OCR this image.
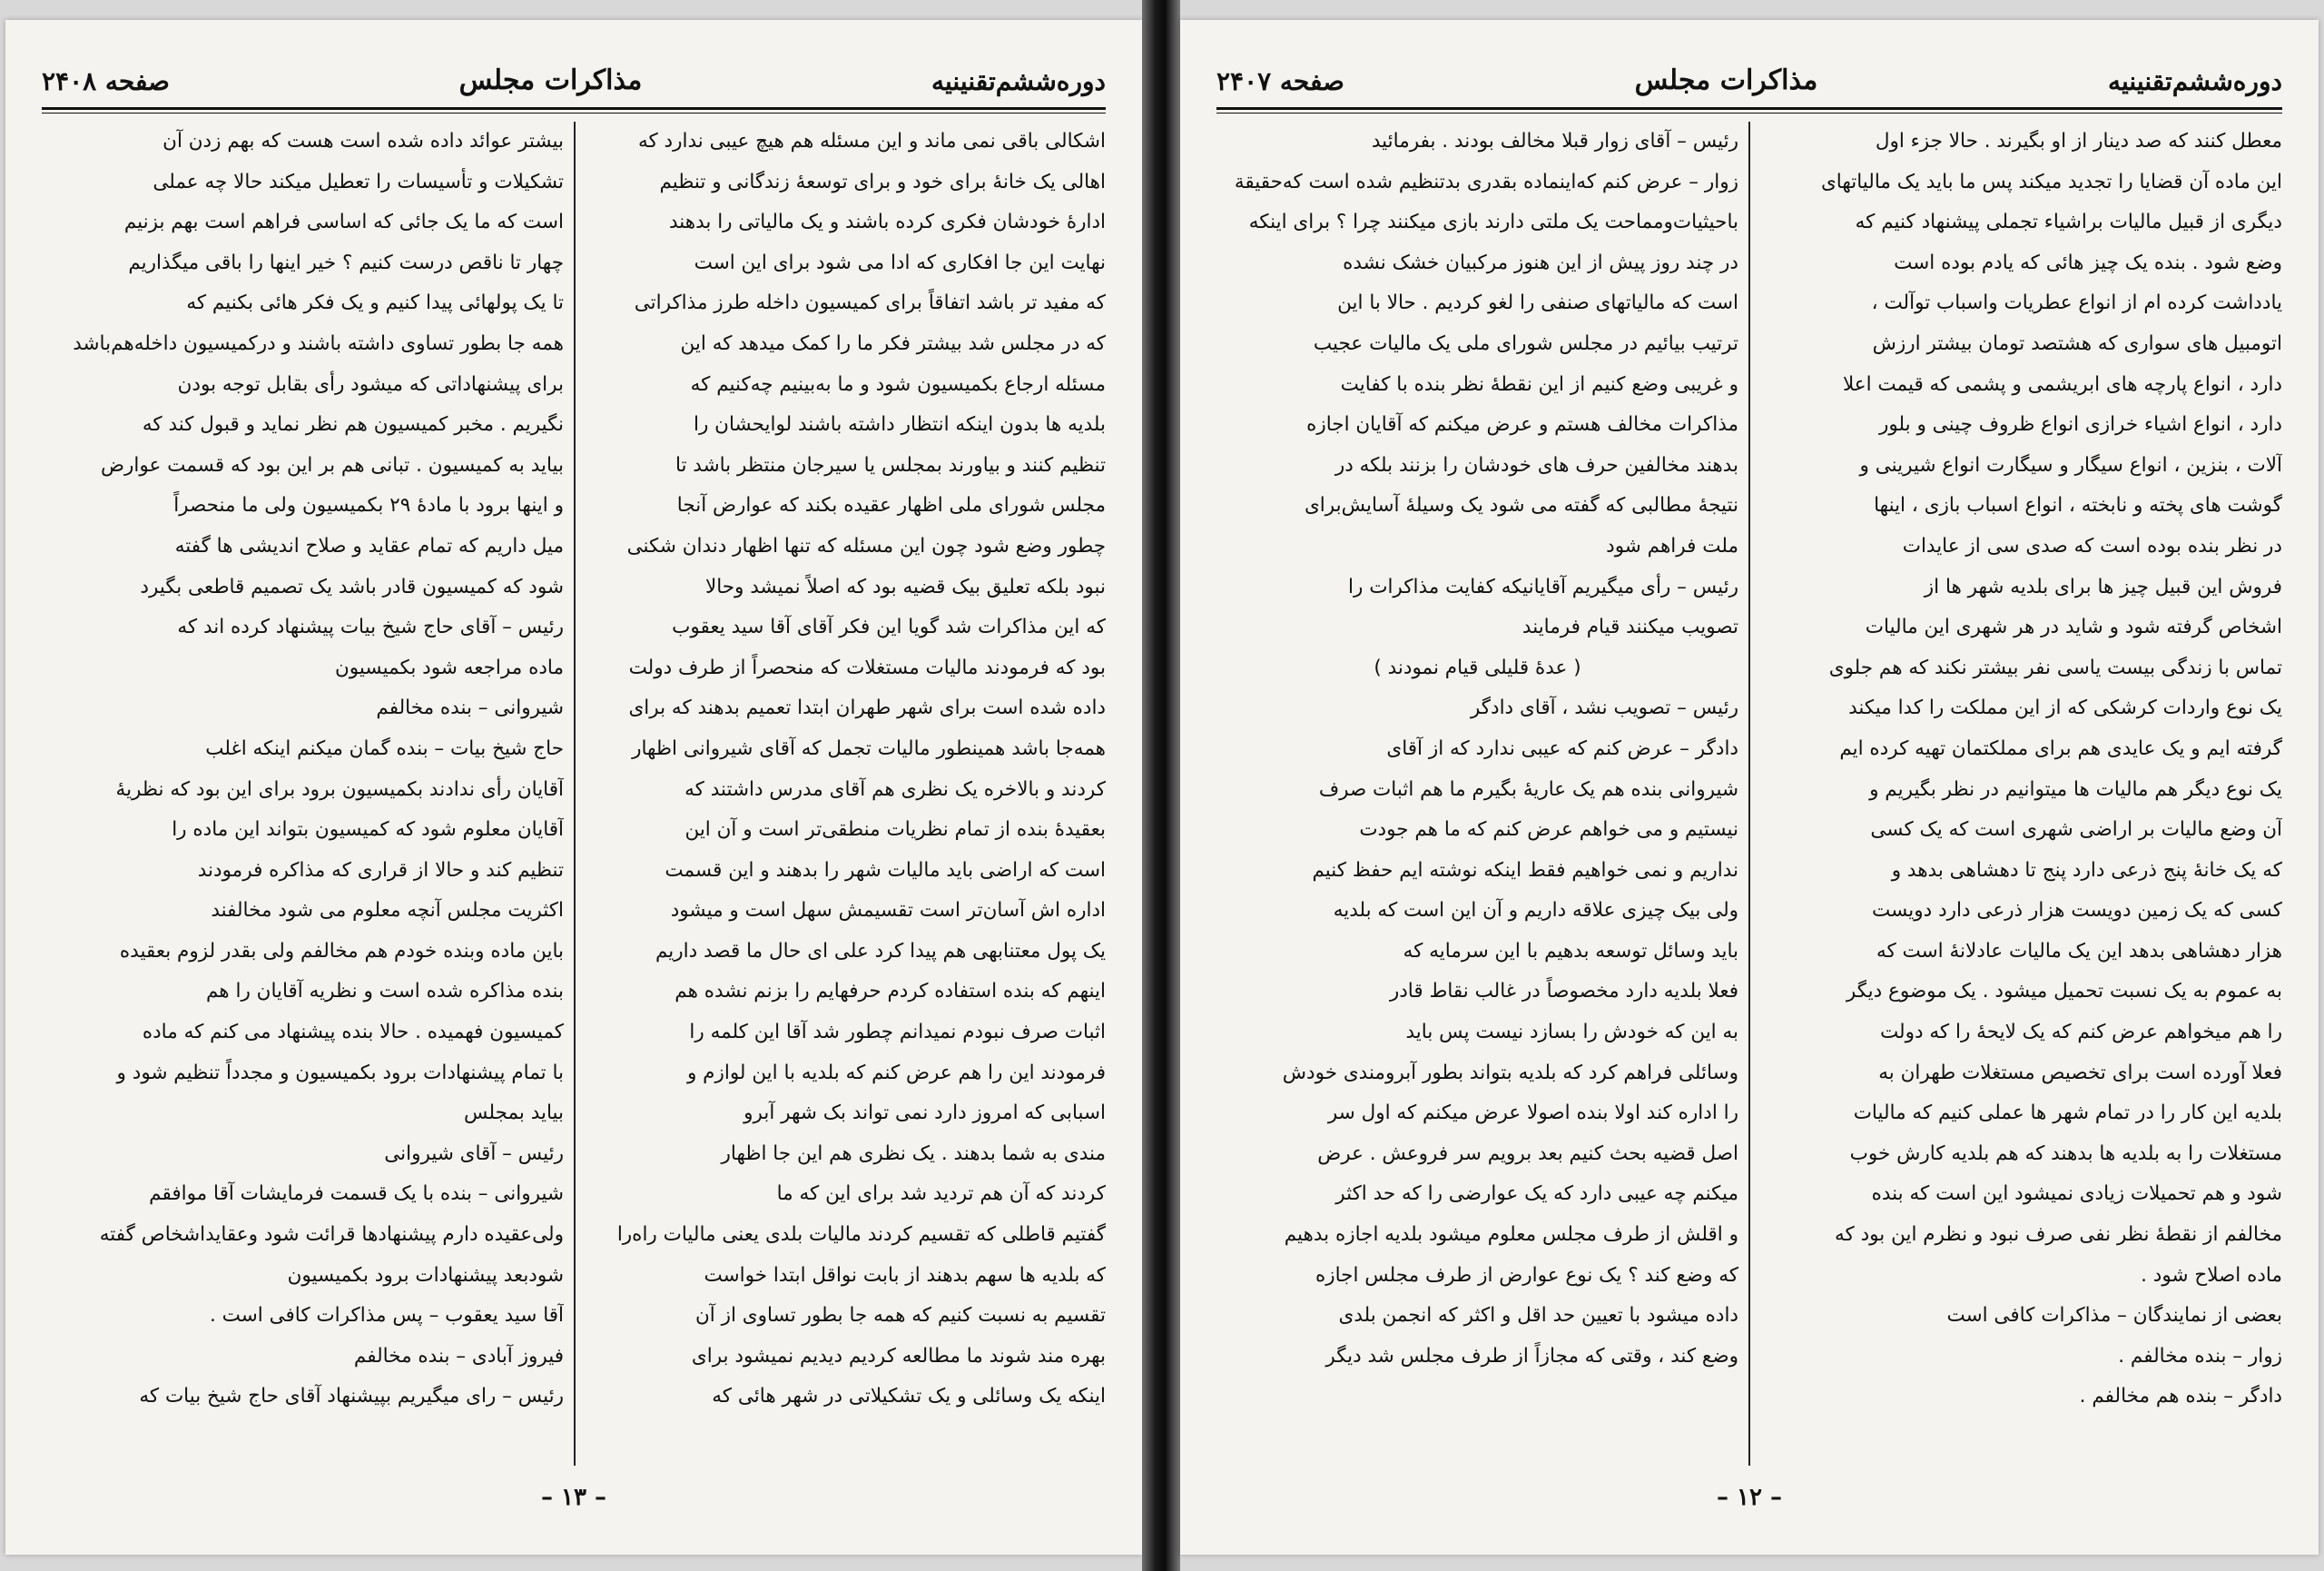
صفحه ۲۴۰۸	مذاکرات مجلس	دوره‌ششم‌تقنینیه

اشکالی باقی نمی ماند و این مسئله هم هیچ عیبی ندارد که

اهالی یک خانهٔ برای خود و برای توسعهٔ زندگانی و تنظیم

ادارهٔ خودشان فکری کرده باشند و یک مالیاتی را بدهند

نهایت این جا افکاری که ادا می شود برای این است

که مفید تر باشد اتفاقاً برای کمیسیون داخله طرز مذاکراتی

که در مجلس شد بیشتر فکر ما را کمک میدهد که این

مسئله ارجاع بکمیسیون شود و ما به‌بینیم چه‌کنیم که

بلدیه ها بدون اینکه انتظار داشته باشند لوایحشان را

تنظیم کنند و بیاورند بمجلس یا سیرجان منتظر باشد تا

مجلس شورای ملی اظهار عقیده بکند که عوارض آنجا

چطور وضع شود چون این مسئله که تنها اظهار دندان شکنی

نبود بلکه تعلیق بیک قضیه بود که اصلاً نمیشد وحالا

که این مذاکرات شد گویا این فکر آقای آقا سید یعقوب

بود که فرمودند مالیات مستغلات که منحصراً از طرف دولت

داده شده است برای شهر طهران ابتدا تعمیم بدهند که برای

همه‌جا باشد همینطور مالیات تجمل که آقای شیروانی اظهار

کردند و بالاخره یک نظری هم آقای مدرس داشتند که

بعقیدهٔ بنده از تمام نظریات منطقی‌تر است و آن این

است که اراضی باید مالیات شهر را بدهند و این قسمت

اداره اش آسان‌تر است تقسیمش سهل است و میشود

یک پول معتنابهی هم پیدا کرد علی ای حال ما قصد داریم

اینهم که بنده استفاده کردم حرفهایم را بزنم نشده هم

اثبات صرف نبودم نمیدانم چطور شد آقا این کلمه را

فرمودند این را هم عرض کنم که بلدیه با این لوازم و

اسبابی که امروز دارد نمی تواند بک شهر آبرو

مندی به شما بدهند . یک نظری هم این جا اظهار

کردند که آن هم تردید شد برای این که ما

گفتیم قاطلی که تقسیم کردند مالیات بلدی یعنی مالیات راه‌را

که بلدیه ها سهم بدهند از بابت نواقل ابتدا خواست

تقسیم به نسبت کنیم که همه جا بطور تساوی از آن

بهره مند شوند ما مطالعه کردیم دیدیم نمیشود برای

اینکه یک وسائلی و یک تشکیلاتی در شهر هائی که

بیشتر عوائد داده شده است هست که بهم زدن آن

تشکیلات و تأسیسات را تعطیل میکند حالا چه عملی

است که ما یک جائی که اساسی فراهم است بهم بزنیم

چهار تا ناقص درست کنیم ؟ خیر اینها را باقی میگذاریم

تا یک پولهائی پیدا کنیم و یک فکر هائی بکنیم که

همه جا بطور تساوی داشته باشند و درکمیسیون داخله‌هم‌باشد

برای پیشنهاداتی که میشود رأی بقابل توجه بودن

نگیریم . مخبر کمیسیون هم نظر نماید و قبول کند که

بیاید به کمیسیون . تبانی هم بر این بود که قسمت عوارض

و اینها برود با مادهٔ ۲۹ بکمیسیون ولی ما منحصراً

میل داریم که تمام عقاید و صلاح اندیشی ها گفته

شود که کمیسیون قادر باشد یک تصمیم قاطعی بگیرد

رئیس – آقای حاج شیخ بیات پیشنهاد کرده اند که

ماده مراجعه شود بکمیسیون

شیروانی – بنده مخالفم

حاج شیخ بیات – بنده گمان میکنم اینکه اغلب

آقایان رأی ندادند بکمیسیون برود برای این بود که نظریهٔ

آقایان معلوم شود که کمیسیون بتواند این ماده را

تنظیم کند و حالا از قراری که مذاکره فرمودند

اکثریت مجلس آنچه معلوم می شود مخالفند

باین ماده وبنده خودم هم مخالفم ولی بقدر لزوم بعقیده

بنده مذاکره شده است و نظریه آقایان را هم

کمیسیون فهمیده . حالا بنده پیشنهاد می کنم که ماده

با تمام پیشنهادات برود بکمیسیون و مجدداً تنظیم شود و

بیاید بمجلس

رئیس – آقای شیروانی

شیروانی – بنده با یک قسمت فرمایشات آقا موافقم

ولی‌عقیده دارم پیشنهادها قرائت شود وعقایداشخاص گفته

شودبعد پیشنهادات برود بکمیسیون

آقا سید یعقوب – پس مذاکرات کافی است .

فیروز آبادی – بنده مخالفم

رئیس – رای میگیریم بپیشنهاد آقای حاج شیخ بیات که

– ۱۳ –
صفحه ۲۴۰۷	مذاکرات مجلس	دوره‌ششم‌تقنینیه

معطل کنند که صد دینار از او بگیرند . حالا جزء اول

این ماده آن قضایا را تجدید میکند پس ما باید یک مالیاتهای

دیگری از قبیل مالیات براشیاء تجملی پیشنهاد کنیم که

وضع شود . بنده یک چیز هائی که یادم بوده است

یادداشت کرده ام از انواع عطریات واسباب توآلت ،

اتومبیل های سواری که هشتصد تومان بیشتر ارزش

دارد ، انواع پارچه های ابریشمی و پشمی که قیمت اعلا

دارد ، انواع اشیاء خرازی انواع ظروف چینی و بلور

آلات ، بنزین ، انواع سیگار و سیگارت انواع شیرینی و

گوشت های پخته و نابخته ، انواع اسباب بازی ، اینها

در نظر بنده بوده است که صدی سی از عایدات

فروش این قبیل چیز ها برای بلدیه شهر ها از

اشخاص گرفته شود و شاید در هر شهری این مالیات

تماس با زندگی بیست یاسی نفر بیشتر نکند که هم جلوی

یک نوع واردات کرشکی که از این مملکت را کدا میکند

گرفته ایم و یک عایدی هم برای مملکتمان تهیه کرده ایم

یک نوع دیگر هم مالیات ها میتوانیم در نظر بگیریم و

آن وضع مالیات بر اراضی شهری است که یک کسی

که یک خانهٔ پنج ذرعی دارد پنج تا دهشاهی بدهد و

کسی که یک زمین دویست هزار ذرعی دارد دویست

هزار دهشاهی بدهد این یک مالیات عادلانهٔ است که

به عموم به یک نسبت تحمیل میشود . یک موضوع دیگر

را هم میخواهم عرض کنم که یک لایحهٔ را که دولت

فعلا آورده است برای تخصیص مستغلات طهران به

بلدیه این کار را در تمام شهر ها عملی کنیم که مالیات

مستغلات را به بلدیه ها بدهند که هم بلدیه کارش خوب

شود و هم تحمیلات زیادی نمیشود این است که بنده

مخالفم از نقطهٔ نظر نفی صرف نبود و نظرم این بود که

ماده اصلاح شود .

بعضی از نمایندگان – مذاکرات کافی است

زوار – بنده مخالفم .

دادگر – بنده هم مخالفم .

رئیس – آقای زوار قبلا مخالف بودند . بفرمائید

زوار – عرض کنم که‌اینماده بقدری بدتنظیم شده است که‌حقیقة

باحیثیات‌ومماحت یک ملتی دارند بازی میکنند چرا ؟ برای اینکه

در چند روز پیش از این هنوز مرکبیان خشک نشده

است که مالیاتهای صنفی را لغو کردیم . حالا با این

ترتیب بیائیم در مجلس شورای ملی یک مالیات عجیب

و غریبی وضع کنیم از این نقطهٔ نظر بنده با کفایت

مذاکرات مخالف هستم و عرض میکنم که آقایان اجازه

بدهند مخالفین حرف های خودشان را بزنند بلکه در

نتیجهٔ مطالبی که گفته می شود یک وسیلهٔ آسایش‌برای

ملت فراهم شود

رئیس – رأی میگیریم آقایانیکه کفایت مذاکرات را

تصویب میکنند قیام فرمایند

( عدهٔ قلیلی قیام نمودند )

رئیس – تصویب نشد ، آقای دادگر

دادگر – عرض کنم که عیبی ندارد که از آقای

شیروانی بنده هم یک عاریهٔ بگیرم ما هم اثبات صرف

نیستیم و می خواهم عرض کنم که ما هم جودت

نداریم و نمی خواهیم فقط اینکه نوشته ایم حفظ کنیم

ولی بیک چیزی علاقه داریم و آن این است که بلدیه

باید وسائل توسعه بدهیم با این سرمایه که

فعلا بلدیه دارد مخصوصاً در غالب نقاط قادر

به این که خودش را بسازد نیست پس باید

وسائلی فراهم کرد که بلدیه بتواند بطور آبرومندی خودش

را اداره کند اولا بنده اصولا عرض میکنم که اول سر

اصل قضیه بحث کنیم بعد برویم سر فروعش . عرض

میکنم چه عیبی دارد که یک عوارضی را که حد اکثر

و اقلش از طرف مجلس معلوم میشود بلدیه اجازه بدهیم

که وضع کند ؟ یک نوع عوارض از طرف مجلس اجازه

داده میشود با تعیین حد اقل و اکثر که انجمن بلدی

وضع کند ، وقتی که مجازاً از طرف مجلس شد دیگر

– ۱۲ –
